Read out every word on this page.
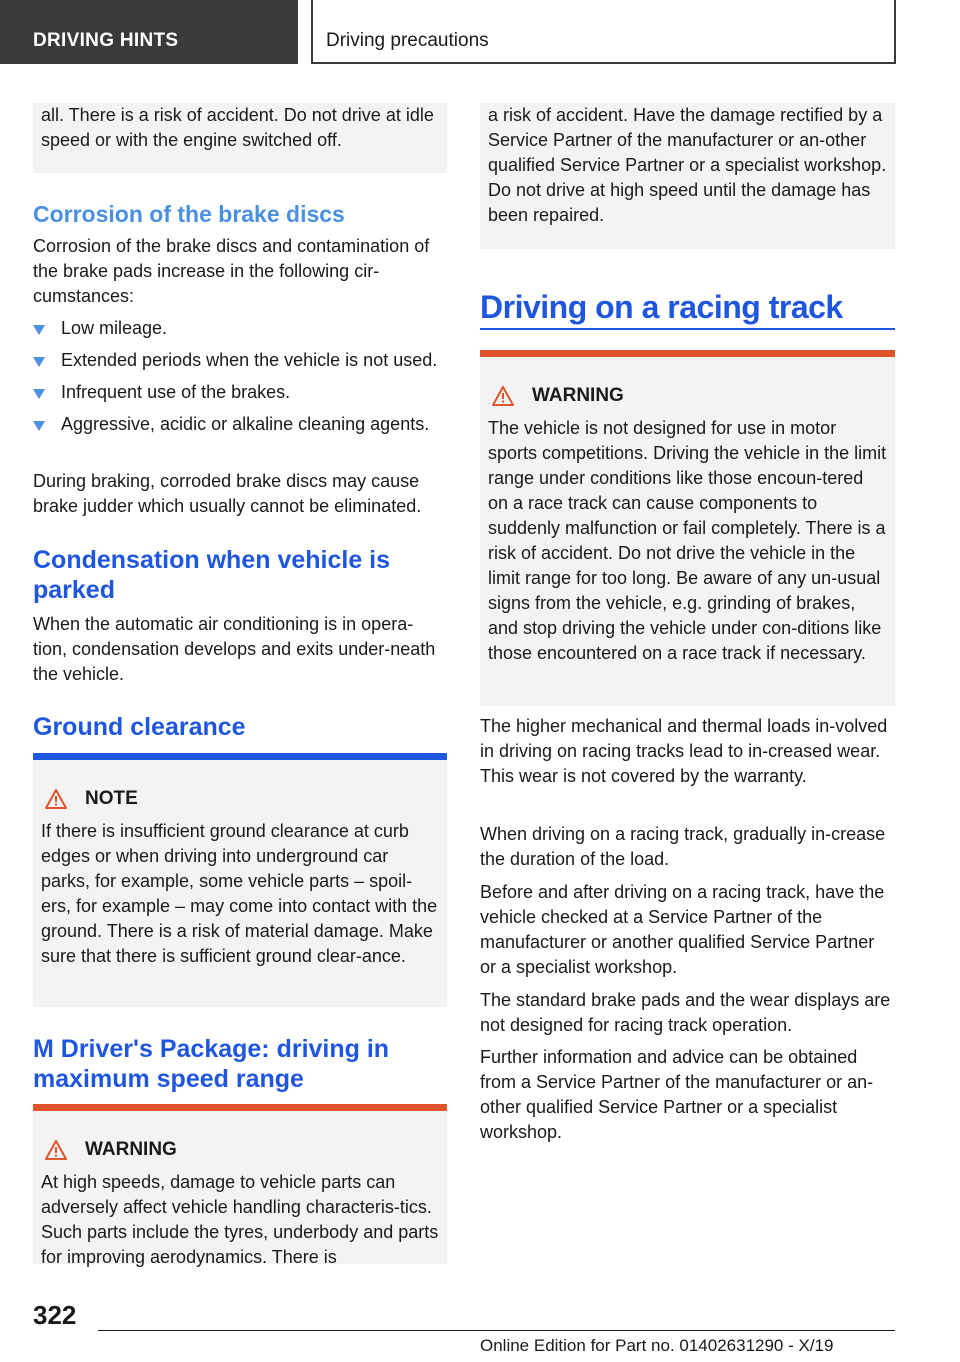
DRIVING HINTS	Driving precautions
all. There is a risk of accident. Do not drive at idle speed or with the engine switched off.
Corrosion of the brake discs
Corrosion of the brake discs and contamination of the brake pads increase in the following cir-cumstances:
Low mileage.
Extended periods when the vehicle is not used.
Infrequent use of the brakes.
Aggressive, acidic or alkaline cleaning agents.
During braking, corroded brake discs may cause brake judder which usually cannot be eliminated.
Condensation when vehicle is parked
When the automatic air conditioning is in opera-tion, condensation develops and exits under-neath the vehicle.
Ground clearance
NOTE
If there is insufficient ground clearance at curb edges or when driving into underground car parks, for example, some vehicle parts – spoil-ers, for example – may come into contact with the ground. There is a risk of material damage. Make sure that there is sufficient ground clear-ance.
M Driver's Package: driving in maximum speed range
WARNING
At high speeds, damage to vehicle parts can adversely affect vehicle handling characteris-tics. Such parts include the tyres, underbody and parts for improving aerodynamics. There is
a risk of accident. Have the damage rectified by a Service Partner of the manufacturer or an-other qualified Service Partner or a specialist workshop. Do not drive at high speed until the damage has been repaired.
Driving on a racing track
WARNING
The vehicle is not designed for use in motor sports competitions. Driving the vehicle in the limit range under conditions like those encoun-tered on a race track can cause components to suddenly malfunction or fail completely. There is a risk of accident. Do not drive the vehicle in the limit range for too long. Be aware of any un-usual signs from the vehicle, e.g. grinding of brakes, and stop driving the vehicle under con-ditions like those encountered on a race track if necessary.
The higher mechanical and thermal loads in-volved in driving on racing tracks lead to in-creased wear. This wear is not covered by the warranty.
When driving on a racing track, gradually in-crease the duration of the load.
Before and after driving on a racing track, have the vehicle checked at a Service Partner of the manufacturer or another qualified Service Partner or a specialist workshop.
The standard brake pads and the wear displays are not designed for racing track operation.
Further information and advice can be obtained from a Service Partner of the manufacturer or an-other qualified Service Partner or a specialist workshop.
322
Online Edition for Part no. 01402631290 - X/19
